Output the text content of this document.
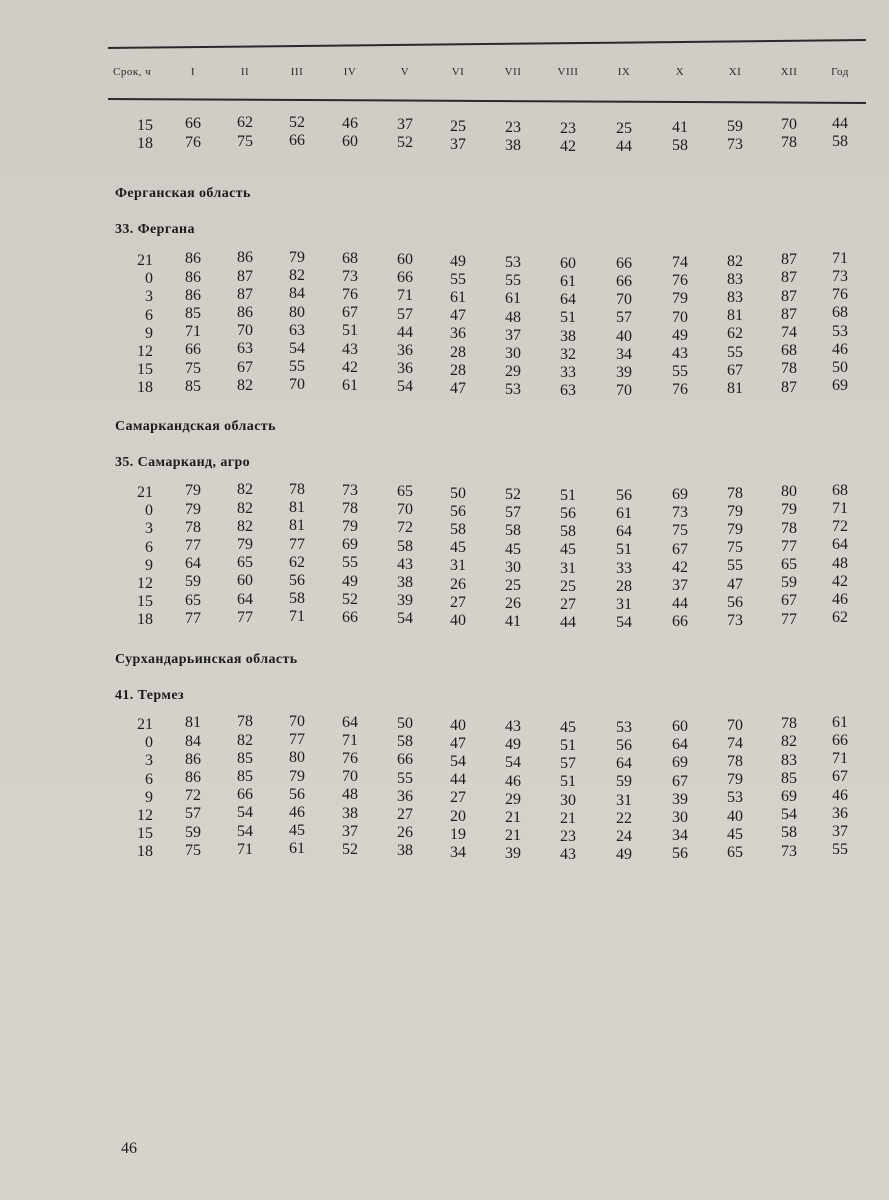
Срок, ч	I	II	III	IV	V	VI	VII	VIII	IX	X	XI	XII	Год
15 66 62 52 46 37 25 23 23	25	41 59 70 44
18 76 75 66 60 52 37 38 42	44	58 73 78 58
Ферганская область
33. Фергана
21 86 86 79 68 60 49 53 60	66	74 82 87 71
0 86 87 82 73 66 55 55 61	66	76 83 87 73
3 86 87 84 76 71 61 61 64	70	79 83 87 76
6 85 86 80 67 57 47 48 51	57	70 81 87 68
9 71 70 63 51 44 36 37 38	40	49 62 74 53
12 66 63 54 43 36 28 30 32	34	43 55 68 46
15 75 67 55 42 36 28 29 33	39	55 67 78 50
18 85 82 70 61 54 47 53 63	70	76 81 87 69
Самаркандская область
35. Самарканд, агро
21 79 82 78 73 65 50 52 51	56	69 78 80 68
0 79 82 81 78 70 56 57 56	61	73 79 79 71
3 78 82 81 79 72 58 58 58	64	75 79 78 72
6 77 79 77 69 58 45 45 45	51	67 75 77 64
9 64 65 62 55 43 31 30 31	33	42 55 65 48
12 59 60 56 49 38 26 25 25	28	37 47 59 42
15 65 64 58 52 39 27 26 27	31	44 56 67 46
18 77 77 71 66 54 40 41 44	54	66 73 77 62
Сурхандарьинская область
41. Термез
21 81 78 70 64 50 40 43 45	53	60 70 78 61
0 84 82 77 71 58 47 49 51	56	64 74 82 66
3 86 85 80 76 66 54 54 57	64	69 78 83 71
6 86 85 79 70 55 44 46 51	59	67 79 85 67
9 72 66 56 48 36 27 29 30	31	39 53 69 46
12 57 54 46 38 27 20 21 21	22	30 40 54 36
15 59 54 45 37 26 19 21 23	24	34 45 58 37
18 75 71 61 52 38 34 39 43	49	56 65 73 55
46
